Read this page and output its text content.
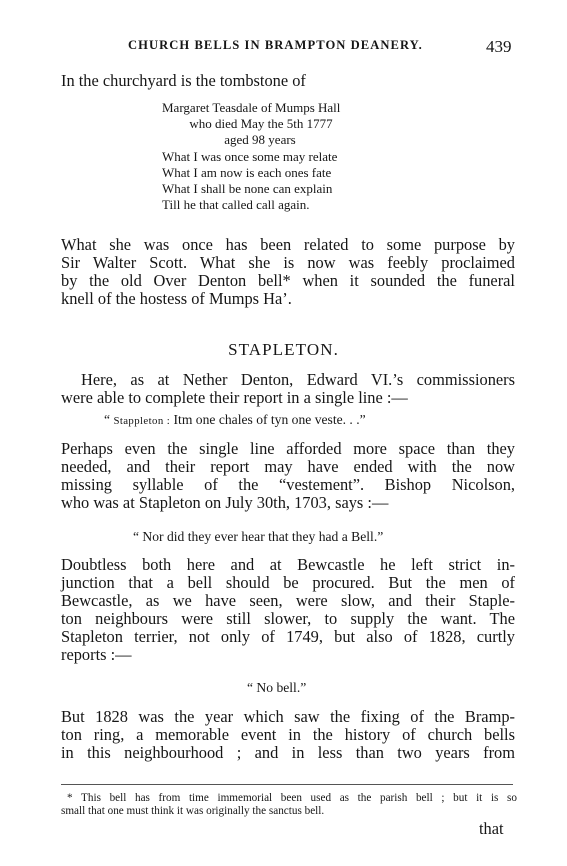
CHURCH BELLS IN BRAMPTON DEANERY.	439
In the churchyard is the tombstone of
Margaret Teasdale of Mumps Hall
who died May the 5th 1777
aged 98 years
What I was once some may relate
What I am now is each ones fate
What I shall be none can explain
Till he that called call again.
What she was once has been related to some purpose by
Sir Walter Scott. What she is now was feebly proclaimed
by the old Over Denton bell* when it sounded the funeral
knell of the hostess of Mumps Ha’.
STAPLETON.
Here, as at Nether Denton, Edward VI.’s commissioners
were able to complete their report in a single line :—
“ Stappleton : Itm one chales of tyn one veste. . .”
Perhaps even the single line afforded more space than they
needed, and their report may have ended with the now
missing syllable of the “vestement”. Bishop Nicolson,
who was at Stapleton on July 30th, 1703, says :—
“ Nor did they ever hear that they had a Bell.”
Doubtless both here and at Bewcastle he left strict in-
junction that a bell should be procured. But the men of
Bewcastle, as we have seen, were slow, and their Staple-
ton neighbours were still slower, to supply the want. The
Stapleton terrier, not only of 1749, but also of 1828, curtly
reports :—
“ No bell.”
But 1828 was the year which saw the fixing of the Bramp-
ton ring, a memorable event in the history of church bells
in this neighbourhood ; and in less than two years from
* This bell has from time immemorial been used as the parish bell ; but it is so
small that one must think it was originally the sanctus bell.
that
